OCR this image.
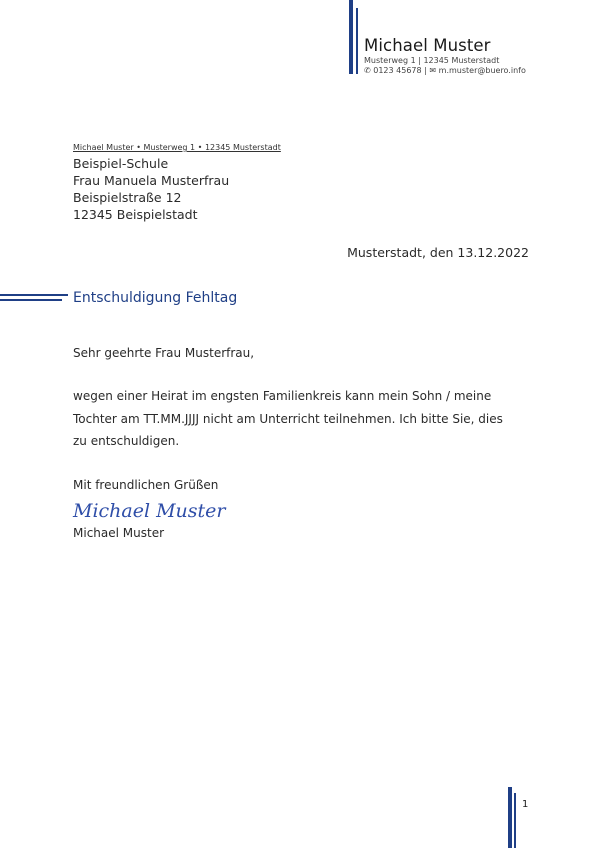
Michael Muster
Musterweg 1 | 12345 Musterstadt
✆ 0123 45678 | ✉ m.muster@buero.info
Michael Muster • Musterweg 1 • 12345 Musterstadt
Beispiel-Schule
Frau Manuela Musterfrau
Beispielstraße 12
12345 Beispielstadt
Musterstadt, den 13.12.2022
Entschuldigung Fehltag
Sehr geehrte Frau Musterfrau,
wegen einer Heirat im engsten Familienkreis kann mein Sohn / meine
Tochter am TT.MM.JJJJ nicht am Unterricht teilnehmen. Ich bitte Sie, dies
zu entschuldigen.
Mit freundlichen Grüßen
Michael Muster
Michael Muster
1
